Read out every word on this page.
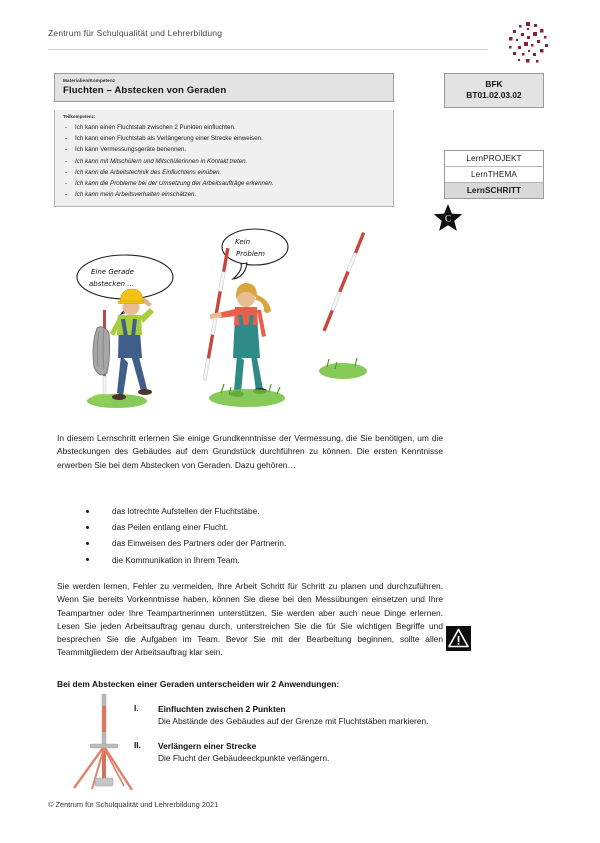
Zentrum für Schulqualität und Lehrerbildung
Materialien/Kompetenz
Fluchten – Abstecken von Geraden
Teilkompetenz:
- Ich kann einen Fluchtstab zwischen 2 Punkten einfluchten.
- Ich kann einen Fluchtstab als Verlängerung einer Strecke einweisen.
- Ich kann Vermessungsgeräte benennen.
- Ich kann mit Mitschülern und Mitschülerinnen in Kontakt treten.
- Ich kann die Arbeitstechnik des Einfluchtens einüben.
- Ich kann die Probleme bei der Umsetzung der Arbeitsaufträge erkennen.
- Ich kann mein Arbeitsverhalten einschätzen.
BFK
BT01.02.03.02
LernPROJEKT
LernTHEMA
LernSCHRITT
C
Eine Gerade
abstecken ...
Kein
Problem
In diesem Lernschritt erlernen Sie einige Grundkenntnisse der Vermessung, die Sie benötigen, um die Absteckungen des Gebäudes auf dem Grundstück durchführen zu können. Die ersten Kenntnisse erwerben Sie bei dem Abstecken von Geraden. Dazu gehören…
das lotrechte Aufstellen der Fluchtstäbe.
das Peilen entlang einer Flucht.
das Einweisen des Partners oder der Partnerin.
die Kommunikation in Ihrem Team.
Sie werden lernen, Fehler zu vermeiden, Ihre Arbeit Schritt für Schritt zu planen und durchzuführen. Wenn Sie bereits Vorkenntnisse haben, können Sie diese bei den Messübungen einsetzen und Ihre Teampartner oder Ihre Teampartnerinnen unterstützen. Sie werden aber auch neue Dinge erlernen. Lesen Sie jeden Arbeitsauftrag genau durch, unterstreichen Sie die für Sie wichtigen Begriffe und besprechen Sie die Aufgaben im Team. Bevor Sie mit der Bearbeitung beginnen, sollte allen Teammitgliedern der Arbeitsauftrag klar sein.
Bei dem Abstecken einer Geraden unterscheiden wir 2 Anwendungen:
I.	Einfluchten zwischen 2 Punkten
Die Abstände des Gebäudes auf der Grenze mit Fluchtstäben markieren.
II.	Verlängern einer Strecke
Die Flucht der Gebäudeeckpunkte verlängern.
© Zentrum für Schulqualität und Lehrerbildung 2021
